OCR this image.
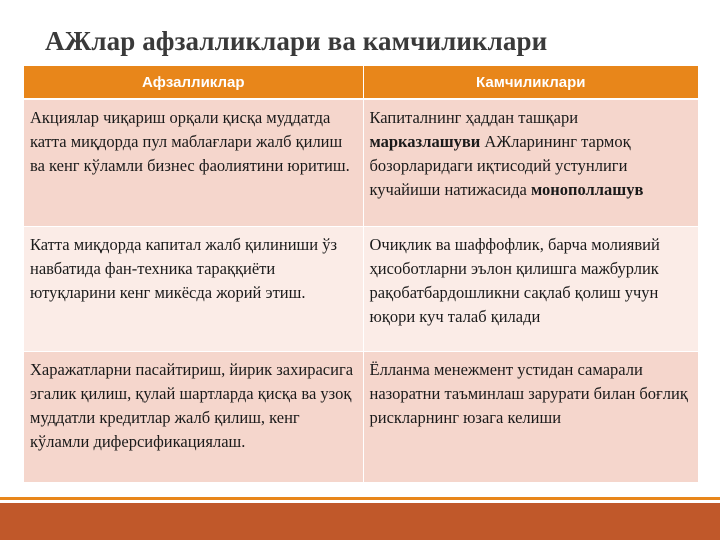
АЖлар афзалликлари ва камчиликлари
Афзалликлар	Камчиликлари
Акциялар чиқариш орқали қисқа муддатда катта миқдорда пул маблағлари жалб қилиш ва кенг кўламли бизнес фаолиятини юритиш.	Капиталнинг ҳаддан ташқари марказлашуви АЖларининг тармоқ бозорларидаги иқтисодий устунлиги кучайиши натижасида монополлашув
Катта миқдорда капитал жалб қилиниши ўз навбатида фан-техника тараққиёти ютуқларини кенг микёсда жорий этиш.	Очиқлик ва шаффофлик, барча молиявий ҳисоботларни эълон қилишга мажбурлик рақобатбардошликни сақлаб қолиш учун юқори куч талаб қилади
Харажатларни пасайтириш, йирик захирасига эгалик қилиш, қулай шартларда қисқа ва узоқ муддатли кредитлар жалб қилиш, кенг кўламли диферсификациялаш.	Ёлланма менежмент устидан самарали назоратни таъминлаш зарурати билан боғлиқ рискларнинг юзага келиши
